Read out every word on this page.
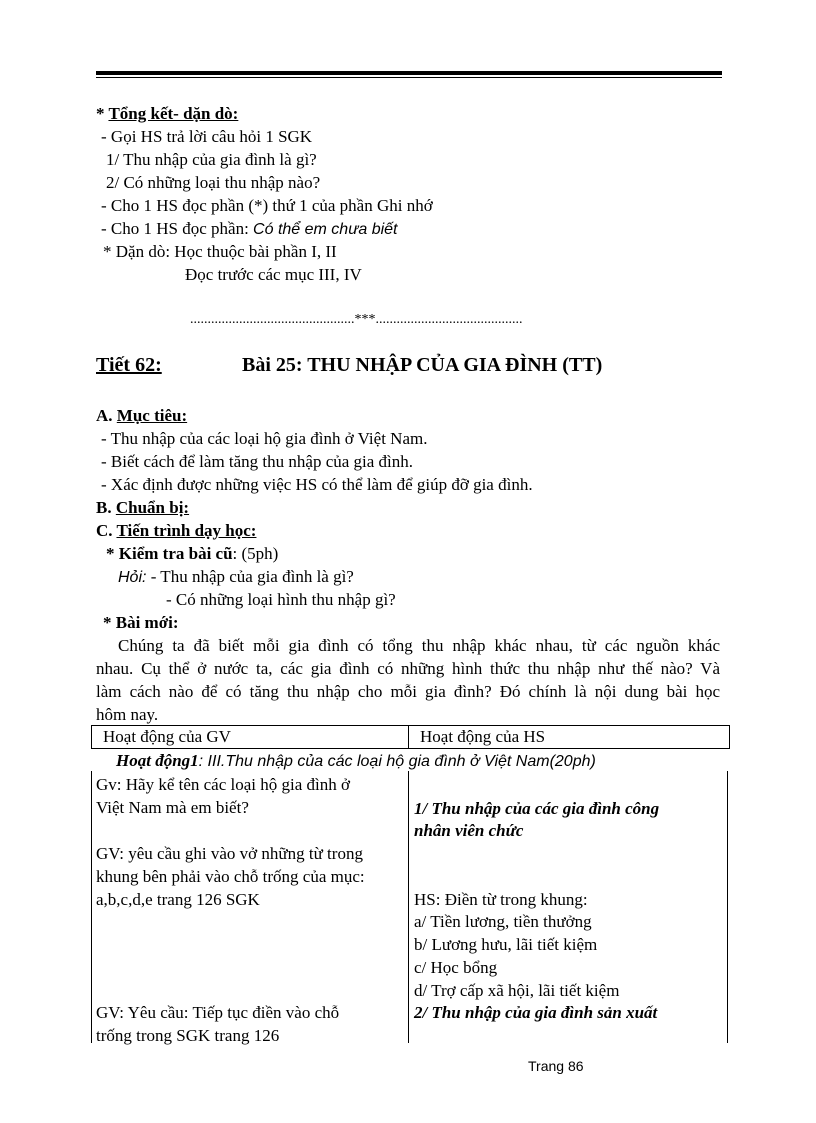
* Tổng kết- dặn dò:
- Gọi HS trả lời câu hỏi 1 SGK
1/ Thu nhập của gia đình là gì?
2/ Có những loại thu nhập nào?
- Cho 1 HS đọc phần (*) thứ 1 của phần Ghi nhớ
- Cho 1 HS đọc phần: Có thể em chưa biết
* Dặn dò: Học thuộc bài phần I, II
Đọc trước các mục III, IV
...............................................***..........................................
Tiết 62:	Bài 25: THU NHẬP CỦA GIA ĐÌNH (TT)
A. Mục tiêu:
- Thu nhập của các loại hộ gia đình ở Việt Nam.
- Biết cách để làm tăng thu nhập của gia đình.
- Xác định được những việc HS có thể làm để giúp đỡ gia đình.
B. Chuẩn bị:
C. Tiến trình dạy học:
* Kiểm tra bài cũ: (5ph)
Hỏi: - Thu nhập của gia đình là gì?
- Có những loại hình thu nhập gì?
* Bài mới:
Chúng ta đã biết mỗi gia đình có tổng thu nhập khác nhau, từ các nguồn khác
nhau. Cụ thể ở nước ta, các gia đình có những hình thức thu nhập như thế nào? Và
làm cách nào để có tăng thu nhập cho mỗi gia đình? Đó chính là nội dung bài học
hôm nay.
Hoạt động của GV	Hoạt động của HS
Hoạt động1: III.Thu nhập của các loại hộ gia đình ở Việt Nam(20ph)
Gv: Hãy kể tên các loại hộ gia đình ở
Việt Nam mà em biết?
GV: yêu cầu ghi vào vở những từ trong
khung bên phải vào chỗ trống của mục:
a,b,c,d,e trang 126 SGK
GV: Yêu cầu: Tiếp tục điền vào chỗ
trống trong SGK trang 126
1/ Thu nhập của các gia đình công
nhân viên chức
HS: Điền từ trong khung:
a/ Tiền lương, tiền thưởng
b/ Lương hưu, lãi tiết kiệm
c/ Học bổng
d/ Trợ cấp xã hội, lãi tiết kiệm
2/ Thu nhập của gia đình sản xuất
Trang 86
